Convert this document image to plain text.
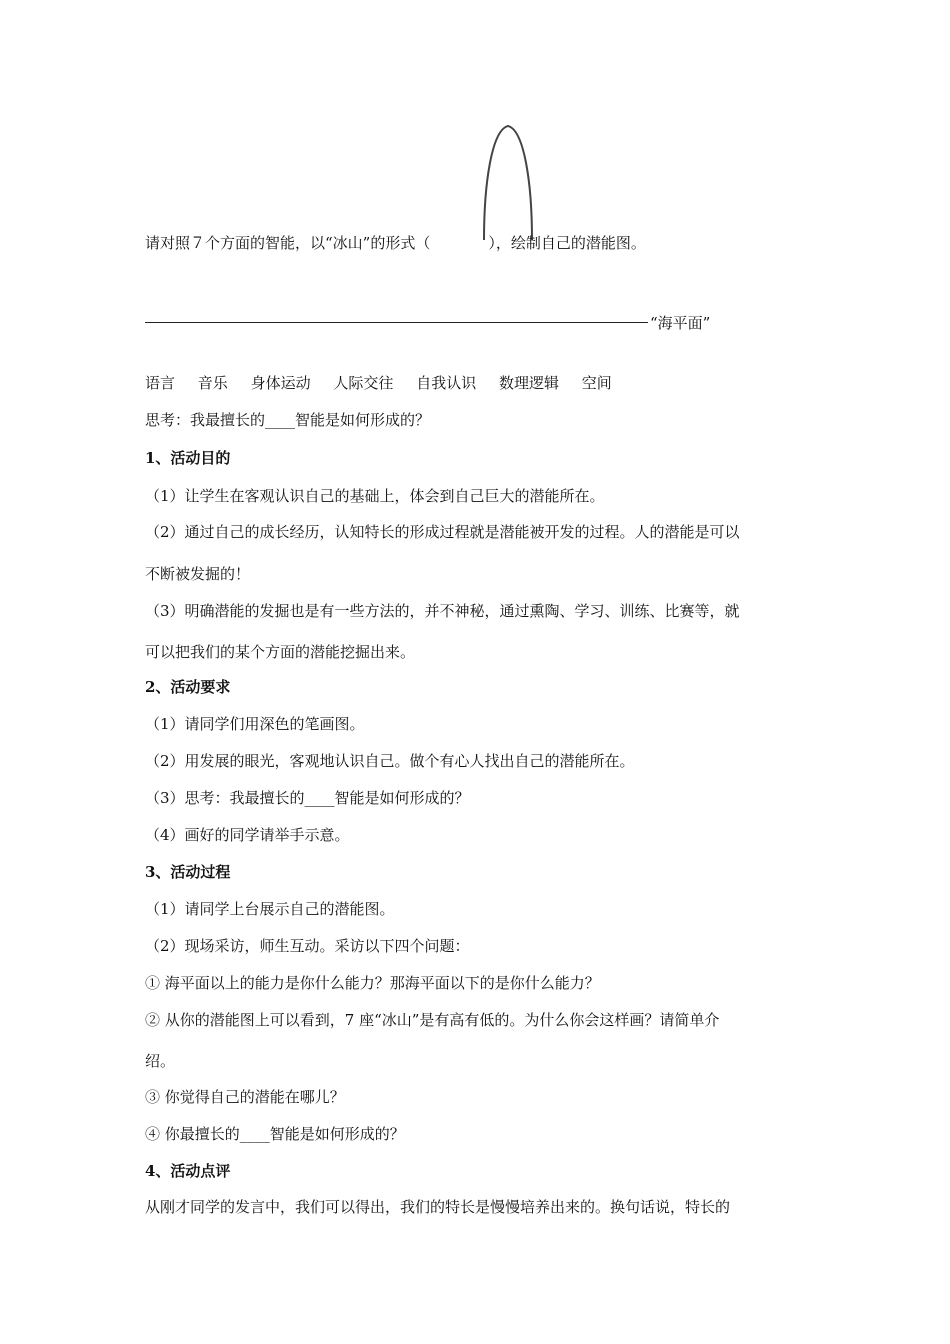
请对照７个方面的智能，以“冰山”的形式（	），绘制自己的潜能图。
“海平面”
语言 音乐 身体运动 人际交往 自我认识 数理逻辑 空间
思考：我最擅长的____智能是如何形成的？
1、活动目的
（1）让学生在客观认识自己的基础上，体会到自己巨大的潜能所在。
（2）通过自己的成长经历，认知特长的形成过程就是潜能被开发的过程。人的潜能是可以
不断被发掘的！
（3）明确潜能的发掘也是有一些方法的，并不神秘，通过熏陶、学习、训练、比赛等，就
可以把我们的某个方面的潜能挖掘出来。
2、活动要求
（1）请同学们用深色的笔画图。
（2）用发展的眼光，客观地认识自己。做个有心人找出自己的潜能所在。
（3）思考：我最擅长的____智能是如何形成的？
（4）画好的同学请举手示意。
3、活动过程
（1）请同学上台展示自己的潜能图。
（2）现场采访，师生互动。采访以下四个问题：
① 海平面以上的能力是你什么能力？那海平面以下的是你什么能力？
② 从你的潜能图上可以看到，7 座“冰山”是有高有低的。为什么你会这样画？请简单介
绍。
③ 你觉得自己的潜能在哪儿？
④ 你最擅长的____智能是如何形成的？
4、活动点评
从刚才同学的发言中，我们可以得出，我们的特长是慢慢培养出来的。换句话说，特长的
